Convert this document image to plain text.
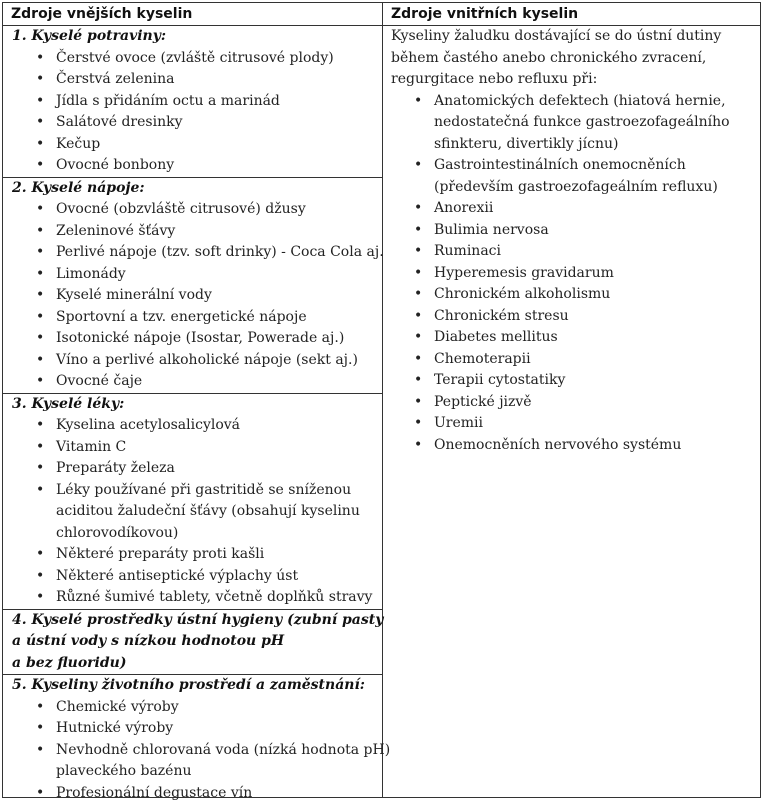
Zdroje vnějších kyselin	Zdroje vnitřních kyselin
1. Kyselé potraviny:
• Čerstvé ovoce (zvláště citrusové plody)
• Čerstvá zelenina
• Jídla s přidáním octu a marinád
• Salátové dresinky
• Kečup
• Ovocné bonbony
2. Kyselé nápoje:
• Ovocné (obzvláště citrusové) džusy
• Zeleninové šťávy
• Perlivé nápoje (tzv. soft drinky) - Coca Cola aj.
• Limonády
• Kyselé minerální vody
• Sportovní a tzv. energetické nápoje
• Isotonické nápoje (Isostar, Powerade aj.)
• Víno a perlivé alkoholické nápoje (sekt aj.)
• Ovocné čaje
3. Kyselé léky:
• Kyselina acetylosalicylová
• Vitamin C
• Preparáty železa
• Léky používané při gastritidě se sníženou
aciditou žaludeční šťávy (obsahují kyselinu
chlorovodíkovou)
• Některé preparáty proti kašli
• Některé antiseptické výplachy úst
• Různé šumivé tablety, včetně doplňků stravy
4. Kyselé prostředky ústní hygieny (zubní pasty
a ústní vody s nízkou hodnotou pH
a bez fluoridu)
5. Kyseliny životního prostředí a zaměstnání:
• Chemické výroby
• Hutnické výroby
• Nevhodně chlorovaná voda (nízká hodnota pH)
plaveckého bazénu
• Profesionální degustace vín
Kyseliny žaludku dostávající se do ústní dutiny
během častého anebo chronického zvracení,
regurgitace nebo refluxu při:
• Anatomických defektech (hiatová hernie,
nedostatečná funkce gastroezofageálního
sfinkteru, divertikly jícnu)
• Gastrointestinálních onemocněních
(především gastroezofageálním refluxu)
• Anorexii
• Bulimia nervosa
• Ruminaci
• Hyperemesis gravidarum
• Chronickém alkoholismu
• Chronickém stresu
• Diabetes mellitus
• Chemoterapii
• Terapii cytostatiky
• Peptické jizvě
• Uremii
• Onemocněních nervového systému
